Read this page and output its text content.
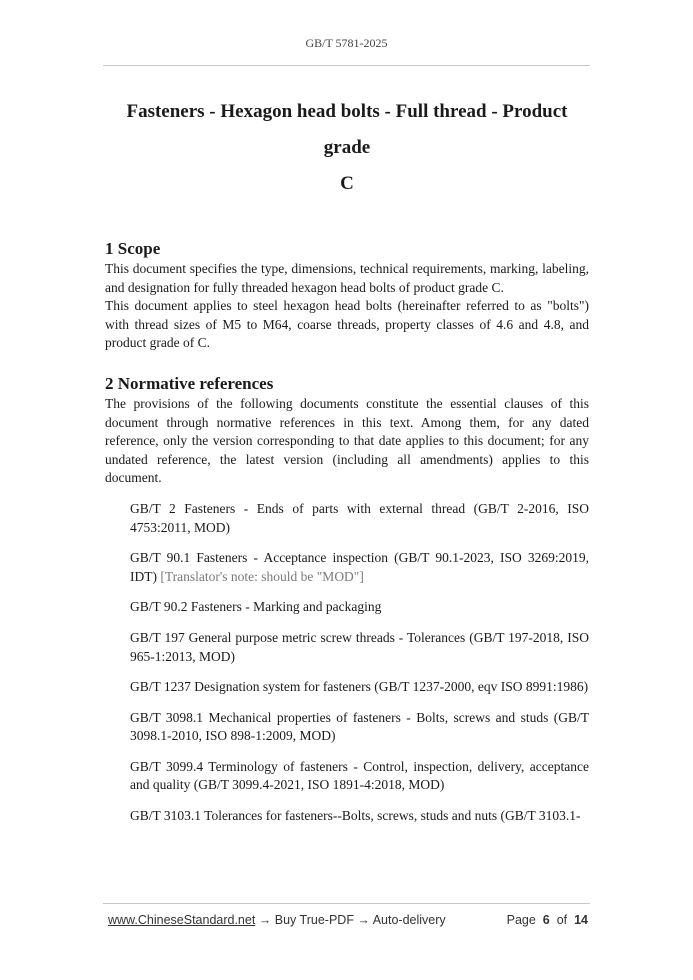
GB/T 5781-2025
Fasteners - Hexagon head bolts - Full thread - Product grade
C
1 Scope

This document specifies the type, dimensions, technical requirements, marking, labeling, and designation for fully threaded hexagon head bolts of product grade C.

This document applies to steel hexagon head bolts (hereinafter referred to as "bolts") with thread sizes of M5 to M64, coarse threads, property classes of 4.6 and 4.8, and product grade of C.

2 Normative references

The provisions of the following documents constitute the essential clauses of this document through normative references in this text. Among them, for any dated reference, only the version corresponding to that date applies to this document; for any undated reference, the latest version (including all amendments) applies to this document.

GB/T 2 Fasteners - Ends of parts with external thread (GB/T 2-2016, ISO 4753:2011, MOD)

GB/T 90.1 Fasteners - Acceptance inspection (GB/T 90.1-2023, ISO 3269:2019, IDT) [Translator's note: should be "MOD"]

GB/T 90.2 Fasteners - Marking and packaging

GB/T 197 General purpose metric screw threads - Tolerances (GB/T 197-2018, ISO 965-1:2013, MOD)

GB/T 1237 Designation system for fasteners (GB/T 1237-2000, eqv ISO 8991:1986)

GB/T 3098.1 Mechanical properties of fasteners - Bolts, screws and studs (GB/T 3098.1-2010, ISO 898-1:2009, MOD)

GB/T 3099.4 Terminology of fasteners - Control, inspection, delivery, acceptance and quality (GB/T 3099.4-2021, ISO 1891-4:2018, MOD)

GB/T 3103.1 Tolerances for fasteners--Bolts, screws, studs and nuts (GB/T 3103.1-

www.ChineseStandard.net → Buy True-PDF → Auto-delivery	Page 6 of 14
